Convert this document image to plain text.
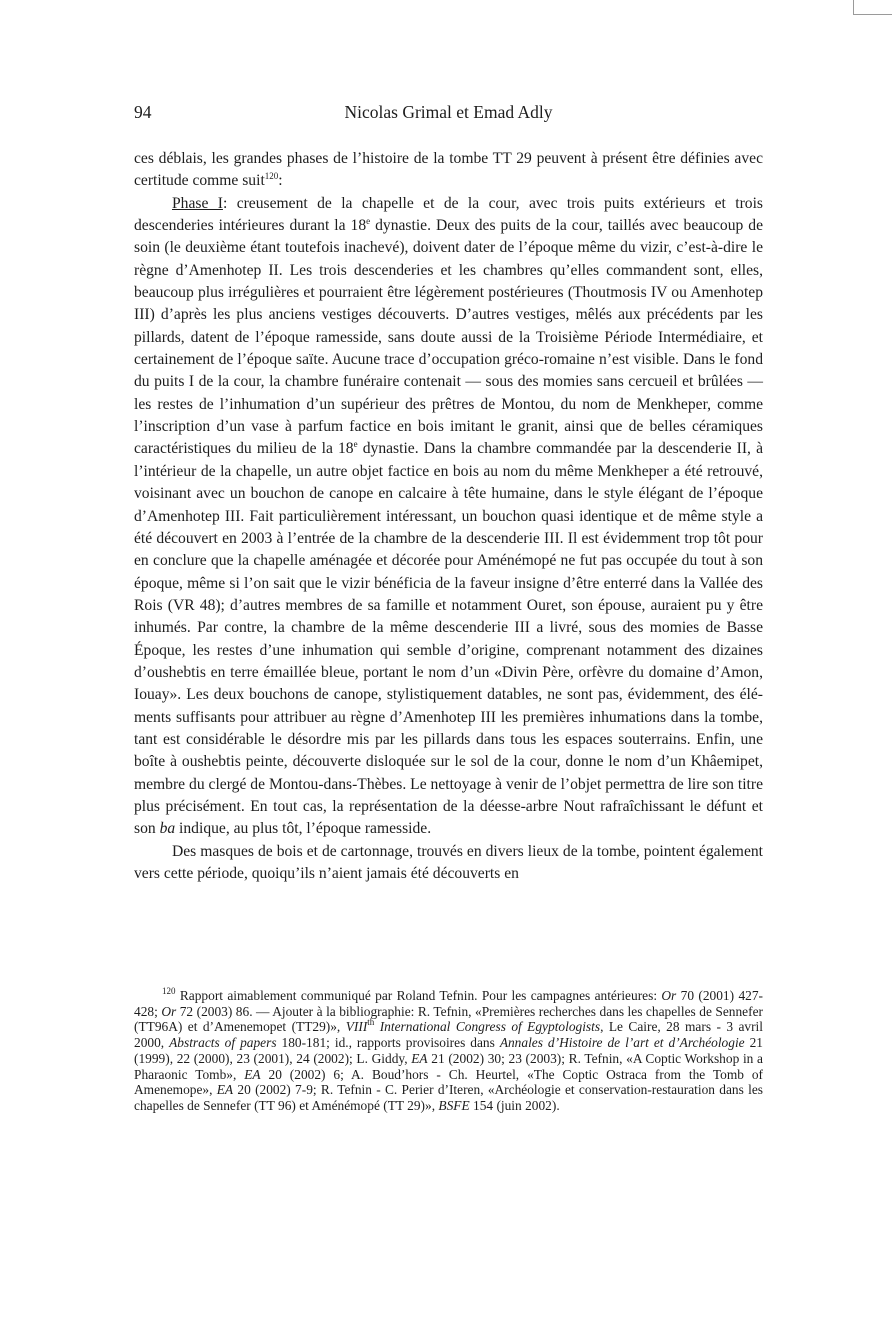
94	Nicolas Grimal et Emad Adly

ces déblais, les grandes phases de l’histoire de la tombe TT 29 peuvent à présent être définies avec certitude comme suit$^{120}$:

Phase I: creusement de la chapelle et de la cour, avec trois puits extérieurs et trois descenderies intérieures durant la 18e dynastie. Deux des puits de la cour, taillés avec beaucoup de soin (le deuxième étant toutefois inachevé), doivent dater de l’époque même du vizir, c’est-à-dire le règne d’Amenhotep II. Les trois descenderies et les chambres qu’elles commandent sont, elles, beaucoup plus irrégulières et pourraient être légèrement postérieures (Thoutmosis IV ou Amenhotep III) d’après les plus anciens vestiges découverts. D’autres vestiges, mêlés aux précédents par les pillards, datent de l’époque ramesside, sans doute aussi de la Troisième Période Intermédiaire, et certainement de l’époque saïte. Aucune trace d’occupation gréco-romaine n’est visible. Dans le fond du puits I de la cour, la chambre funéraire contenait — sous des momies sans cercueil et brûlées — les restes de l’inhumation d’un supérieur des prêtres de Montou, du nom de Menkheper, comme l’inscription d’un vase à parfum factice en bois imitant le granit, ainsi que de belles céramiques caractéristiques du milieu de la 18e dynastie. Dans la chambre commandée par la descenderie II, à l’intérieur de la chapelle, un autre objet factice en bois au nom du même Menkheper a été retrouvé, voisinant avec un bouchon de canope en calcaire à tête humaine, dans le style élégant de l’époque d’Amenhotep III. Fait particulièrement intéressant, un bouchon quasi identique et de même style a été découvert en 2003 à l’entrée de la chambre de la descenderie III. Il est évidemment trop tôt pour en conclure que la chapelle aménagée et décorée pour Aménémopé ne fut pas occupée du tout à son époque, même si l’on sait que le vizir bénéficia de la faveur insigne d’être enterré dans la Vallée des Rois (VR 48); d’autres membres de sa famille et notamment Ouret, son épouse, auraient pu y être inhumés. Par contre, la chambre de la même descenderie III a livré, sous des momies de Basse Époque, les restes d’une inhumation qui semble d’origine, comprenant notamment des dizaines d’oushebtis en terre émaillée bleue, portant le nom d’un «Divin Père, orfèvre du domaine d’Amon, Iouay». Les deux bouchons de canope, stylistiquement datables, ne sont pas, évidemment, des éléments suffisants pour attribuer au règne d’Amenhotep III les premières inhumations dans la tombe, tant est considérable le désordre mis par les pillards dans tous les espaces souterrains. Enfin, une boîte à oushebtis peinte, découverte disloquée sur le sol de la cour, donne le nom d’un Khâemipet, membre du clergé de Montou-dans-Thèbes. Le nettoyage à venir de l’objet permettra de lire son titre plus précisément. En tout cas, la représentation de la déesse-arbre Nout rafraîchissant le défunt et son ba indique, au plus tôt, l’époque ramesside.

Des masques de bois et de cartonnage, trouvés en divers lieux de la tombe, pointent également vers cette période, quoiqu’ils n’aient jamais été découverts en

$^{120}$ Rapport aimablement communiqué par Roland Tefnin. Pour les campagnes antérieures: Or 70 (2001) 427-428; Or 72 (2003) 86. — Ajouter à la bibliographie: R. Tefnin, «Premières recherches dans les chapelles de Sennefer (TT96A) et d’Amenemopet (TT29)», VIIIth International Congress of Egyptologists, Le Caire, 28 mars - 3 avril 2000, Abstracts of papers 180-181; id., rapports provisoires dans Annales d’Histoire de l’art et d’Archéologie 21 (1999), 22 (2000), 23 (2001), 24 (2002); L. Giddy, EA 21 (2002) 30; 23 (2003); R. Tefnin, «A Coptic Workshop in a Pharaonic Tomb», EA 20 (2002) 6; A. Boud’hors - Ch. Heurtel, «The Coptic Ostraca from the Tomb of Amenemope», EA 20 (2002) 7-9; R. Tefnin - C. Perier d’Iteren, «Archéologie et conservation-restauration dans les chapelles de Sennefer (TT 96) et Aménémopé (TT 29)», BSFE 154 (juin 2002).
